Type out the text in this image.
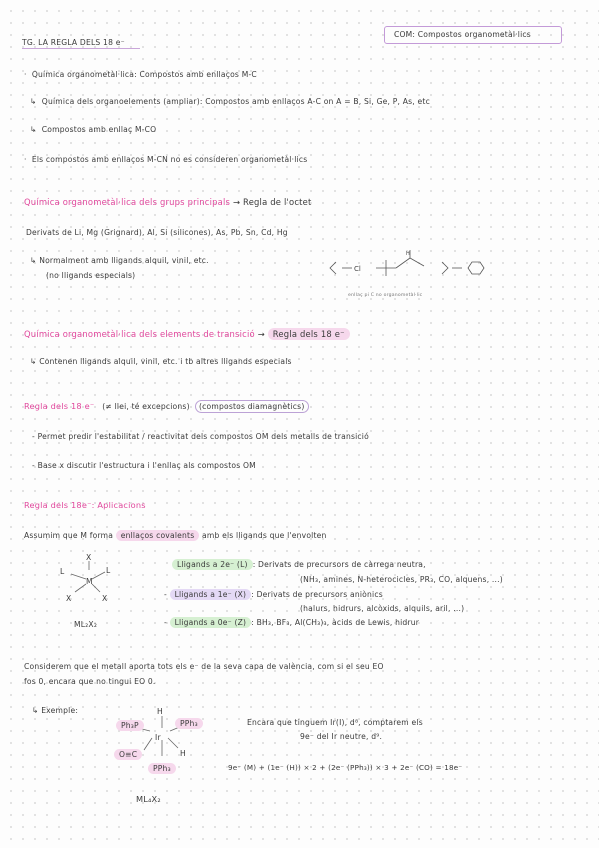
TG. LA REGLA DELS 18 e⁻
COM: Compostos organometàl·lics
·  Química organometàl·lica: Compostos amb enllaços M-C
↳  Química dels organoelements (ampliar): Compostos amb enllaços A-C on A = B, Si, Ge, P, As, etc
↳  Compostos amb enllaç M-CO
·  Els compostos amb enllaços M-CN no es consideren organometàl·lics
Química organometàl·lica dels grups principals → Regla de l'octet
Derivats de Li, Mg (Grignard), Al, Si (silicones), As, Pb, Sn, Cd, Hg
↳ Normalment amb lligands alquil, vinil, etc.
(no lligands especials)
Cl
H
enllaç pi C no organometàl·lic
Química organometàl·lica dels elements de transició → Regla dels 18 e⁻
↳ Contenen lligands alquil, vinil, etc. i tb altres lligands especials
Regla dels 18 e⁻ (≠ llei, té excepcions) (compostos diamagnètics)
- Permet predir l'estabilitat / reactivitat dels compostos OM dels metalls de transició
- Base x discutir l'estructura i l'enllaç als compostos OM
Regla dels 18e⁻: Aplicacions
Assumim que M forma enllaços covalents amb els lligands que l'envolten
X
L
M
L
X	X
ML₂X₂
Lligands a 2e⁻ (L) : Derivats de precursors de càrrega neutra,
(NH₃, amines, N-heterocicles, PR₃, CO, alquens, ...)
- Lligands a 1e⁻ (X) : Derivats de precursors aniònics
(halurs, hidrurs, alcòxids, alquils, aril, ...)
- Lligands a 0e⁻ (Z) : BH₃, BF₃, Al(CH₃)₃, àcids de Lewis, hidrur
Considerem que el metall aporta tots els e⁻ de la seva capa de valència, com si el seu EO
fos 0, encara que no tingui EO 0.
↳ Exemple:	H
Ph₃P	PPh₃
Ir
O≡C	H
PPh₃
ML₄X₂
Encara que tinguem Ir(I), d⁸, comptarem els
9e⁻ del Ir neutre, d⁹.
9e⁻ (M) + (1e⁻ (H)) × 2 + (2e⁻ (PPh₃)) × 3 + 2e⁻ (CO) = 18e⁻
